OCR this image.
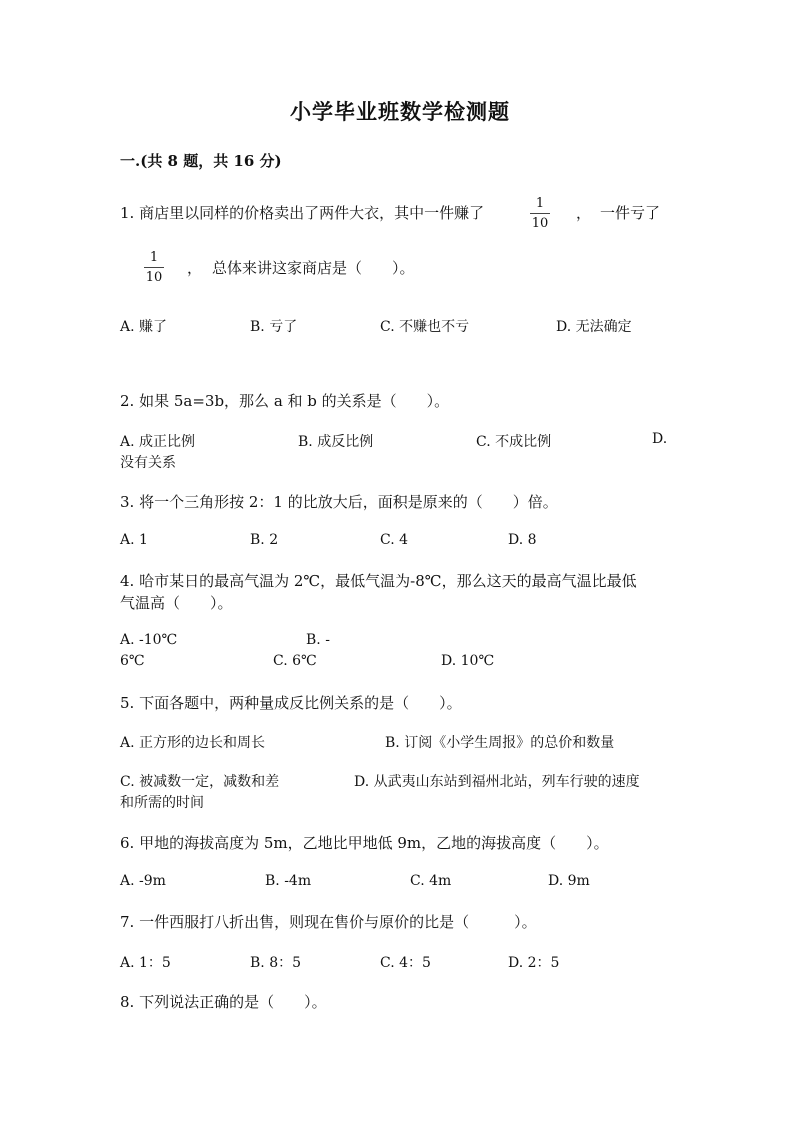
小学毕业班数学检测题
一.(共 8 题，共 16 分)
1. 商店里以同样的价格卖出了两件大衣，其中一件赚了
1
10
， 一件亏了
1
10
， 总体来讲这家商店是（　　）。
A. 赚了	B. 亏了	C. 不赚也不亏	D. 无法确定
2. 如果 5a=3b，那么 a 和 b 的关系是（　　）。
A. 成正比例	B. 成反比例	C. 不成比例	D.
没有关系
3. 将一个三角形按 2：1 的比放大后，面积是原来的（　　）倍。
A. 1	B. 2	C. 4	D. 8
4. 哈市某日的最高气温为 2℃，最低气温为-8℃，那么这天的最高气温比最低
气温高（　　）。
A. -10℃	B. -
6℃	C. 6℃	D. 10℃
5. 下面各题中，两种量成反比例关系的是（　　）。
A. 正方形的边长和周长	B. 订阅《小学生周报》的总价和数量
C. 被减数一定，减数和差	D. 从武夷山东站到福州北站，列车行驶的速度
和所需的时间
6. 甲地的海拔高度为 5m，乙地比甲地低 9m，乙地的海拔高度（　　）。
A. -9m	B. -4m	C. 4m	D. 9m
7. 一件西服打八折出售，则现在售价与原价的比是（　　　）。
A. 1：5	B. 8：5	C. 4：5	D. 2：5
8. 下列说法正确的是（　　）。
